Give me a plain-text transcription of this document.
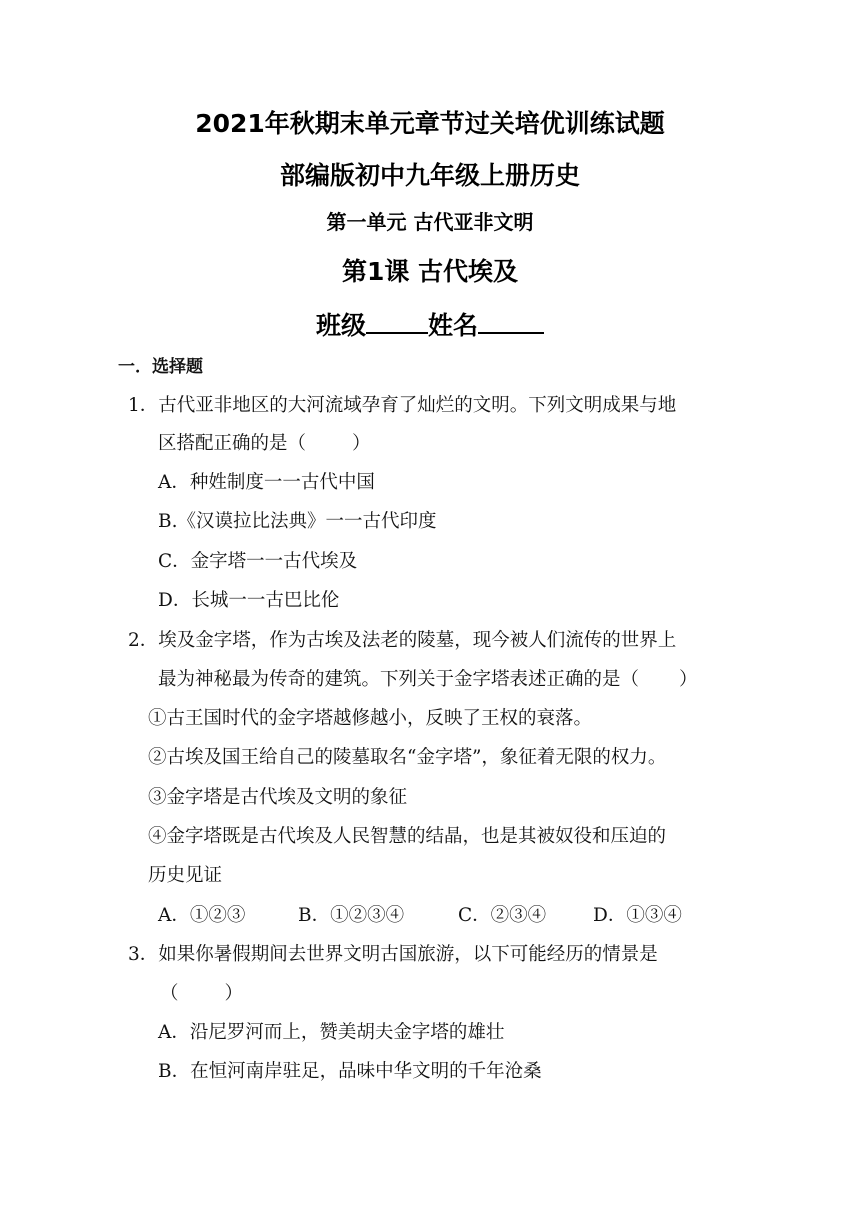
2021年秋期末单元章节过关培优训练试题
部编版初中九年级上册历史
第一单元 古代亚非文明
第1课 古代埃及
班级 姓名
一．选择题
1．古代亚非地区的大河流域孕育了灿烂的文明。下列文明成果与地
区搭配正确的是（ ）
A．种姓制度一一古代中国
B.《汉谟拉比法典》一一古代印度
C．金字塔一一古代埃及
D．长城一一古巴比伦
2．埃及金字塔，作为古埃及法老的陵墓，现今被人们流传的世界上
最为神秘最为传奇的建筑。下列关于金字塔表述正确的是（ ）
①古王国时代的金字塔越修越小，反映了王权的衰落。
②古埃及国王给自己的陵墓取名“金字塔”，象征着无限的权力。
③金字塔是古代埃及文明的象征
④金字塔既是古代埃及人民智慧的结晶，也是其被奴役和压迫的
历史见证
A．①②③	B．①②③④	C．②③④	D．①③④
3．如果你暑假期间去世界文明古国旅游，以下可能经历的情景是
（ ）
A．沿尼罗河而上，赞美胡夫金字塔的雄壮
B．在恒河南岸驻足，品味中华文明的千年沧桑
